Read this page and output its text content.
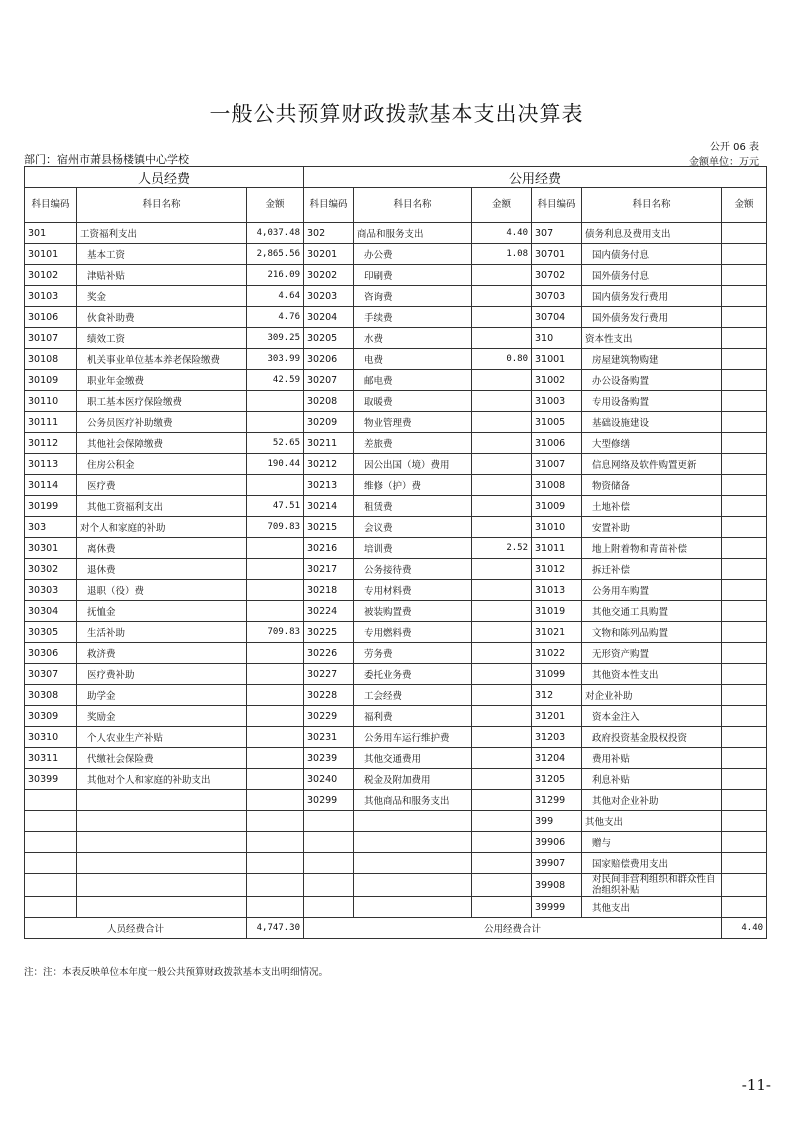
一般公共预算财政拨款基本支出决算表
公开 06 表
部门：宿州市萧县杨楼镇中心学校	金额单位：万元
人员经费			公用经费					
科目编码	科目名称	金额	科目编码	科目名称	金额	科目编码	科目名称	金额
301	工资福利支出	4,037.48	302	商品和服务支出	4.40	307	债务利息及费用支出	
30101	基本工资	2,865.56	30201	办公费	1.08	30701	国内债务付息	
30102	津贴补贴	216.09	30202	印刷费		30702	国外债务付息	
30103	奖金	4.64	30203	咨询费		30703	国内债务发行费用	
30106	伙食补助费	4.76	30204	手续费		30704	国外债务发行费用	
30107	绩效工资	309.25	30205	水费		310	资本性支出	
30108	机关事业单位基本养老保险缴费	303.99	30206	电费	0.80	31001	房屋建筑物购建	
30109	职业年金缴费	42.59	30207	邮电费		31002	办公设备购置	
30110	职工基本医疗保险缴费		30208	取暖费		31003	专用设备购置	
30111	公务员医疗补助缴费		30209	物业管理费		31005	基础设施建设	
30112	其他社会保障缴费	52.65	30211	差旅费		31006	大型修缮	
30113	住房公积金	190.44	30212	因公出国（境）费用		31007	信息网络及软件购置更新	
30114	医疗费		30213	维修（护）费		31008	物资储备	
30199	其他工资福利支出	47.51	30214	租赁费		31009	土地补偿	
303	对个人和家庭的补助	709.83	30215	会议费		31010	安置补助	
30301	离休费		30216	培训费	2.52	31011	地上附着物和青苗补偿	
30302	退休费		30217	公务接待费		31012	拆迁补偿	
30303	退职（役）费		30218	专用材料费		31013	公务用车购置	
30304	抚恤金		30224	被装购置费		31019	其他交通工具购置	
30305	生活补助	709.83	30225	专用燃料费		31021	文物和陈列品购置	
30306	救济费		30226	劳务费		31022	无形资产购置	
30307	医疗费补助		30227	委托业务费		31099	其他资本性支出	
30308	助学金		30228	工会经费		312	对企业补助	
30309	奖励金		30229	福利费		31201	资本金注入	
30310	个人农业生产补贴		30231	公务用车运行维护费		31203	政府投资基金股权投资	
30311	代缴社会保险费		30239	其他交通费用		31204	费用补贴	
30399	其他对个人和家庭的补助支出		30240	税金及附加费用		31205	利息补贴	
			30299	其他商品和服务支出		31299	其他对企业补助	
						399	其他支出	
						39906	赠与	
						39907	国家赔偿费用支出	
						39908	对民间非营利组织和群众性自治组织补贴	
						39999	其他支出	
人员经费合计		4,747.30	公用经费合计					4.40
注：注：本表反映单位本年度一般公共预算财政拨款基本支出明细情况。
-11-
